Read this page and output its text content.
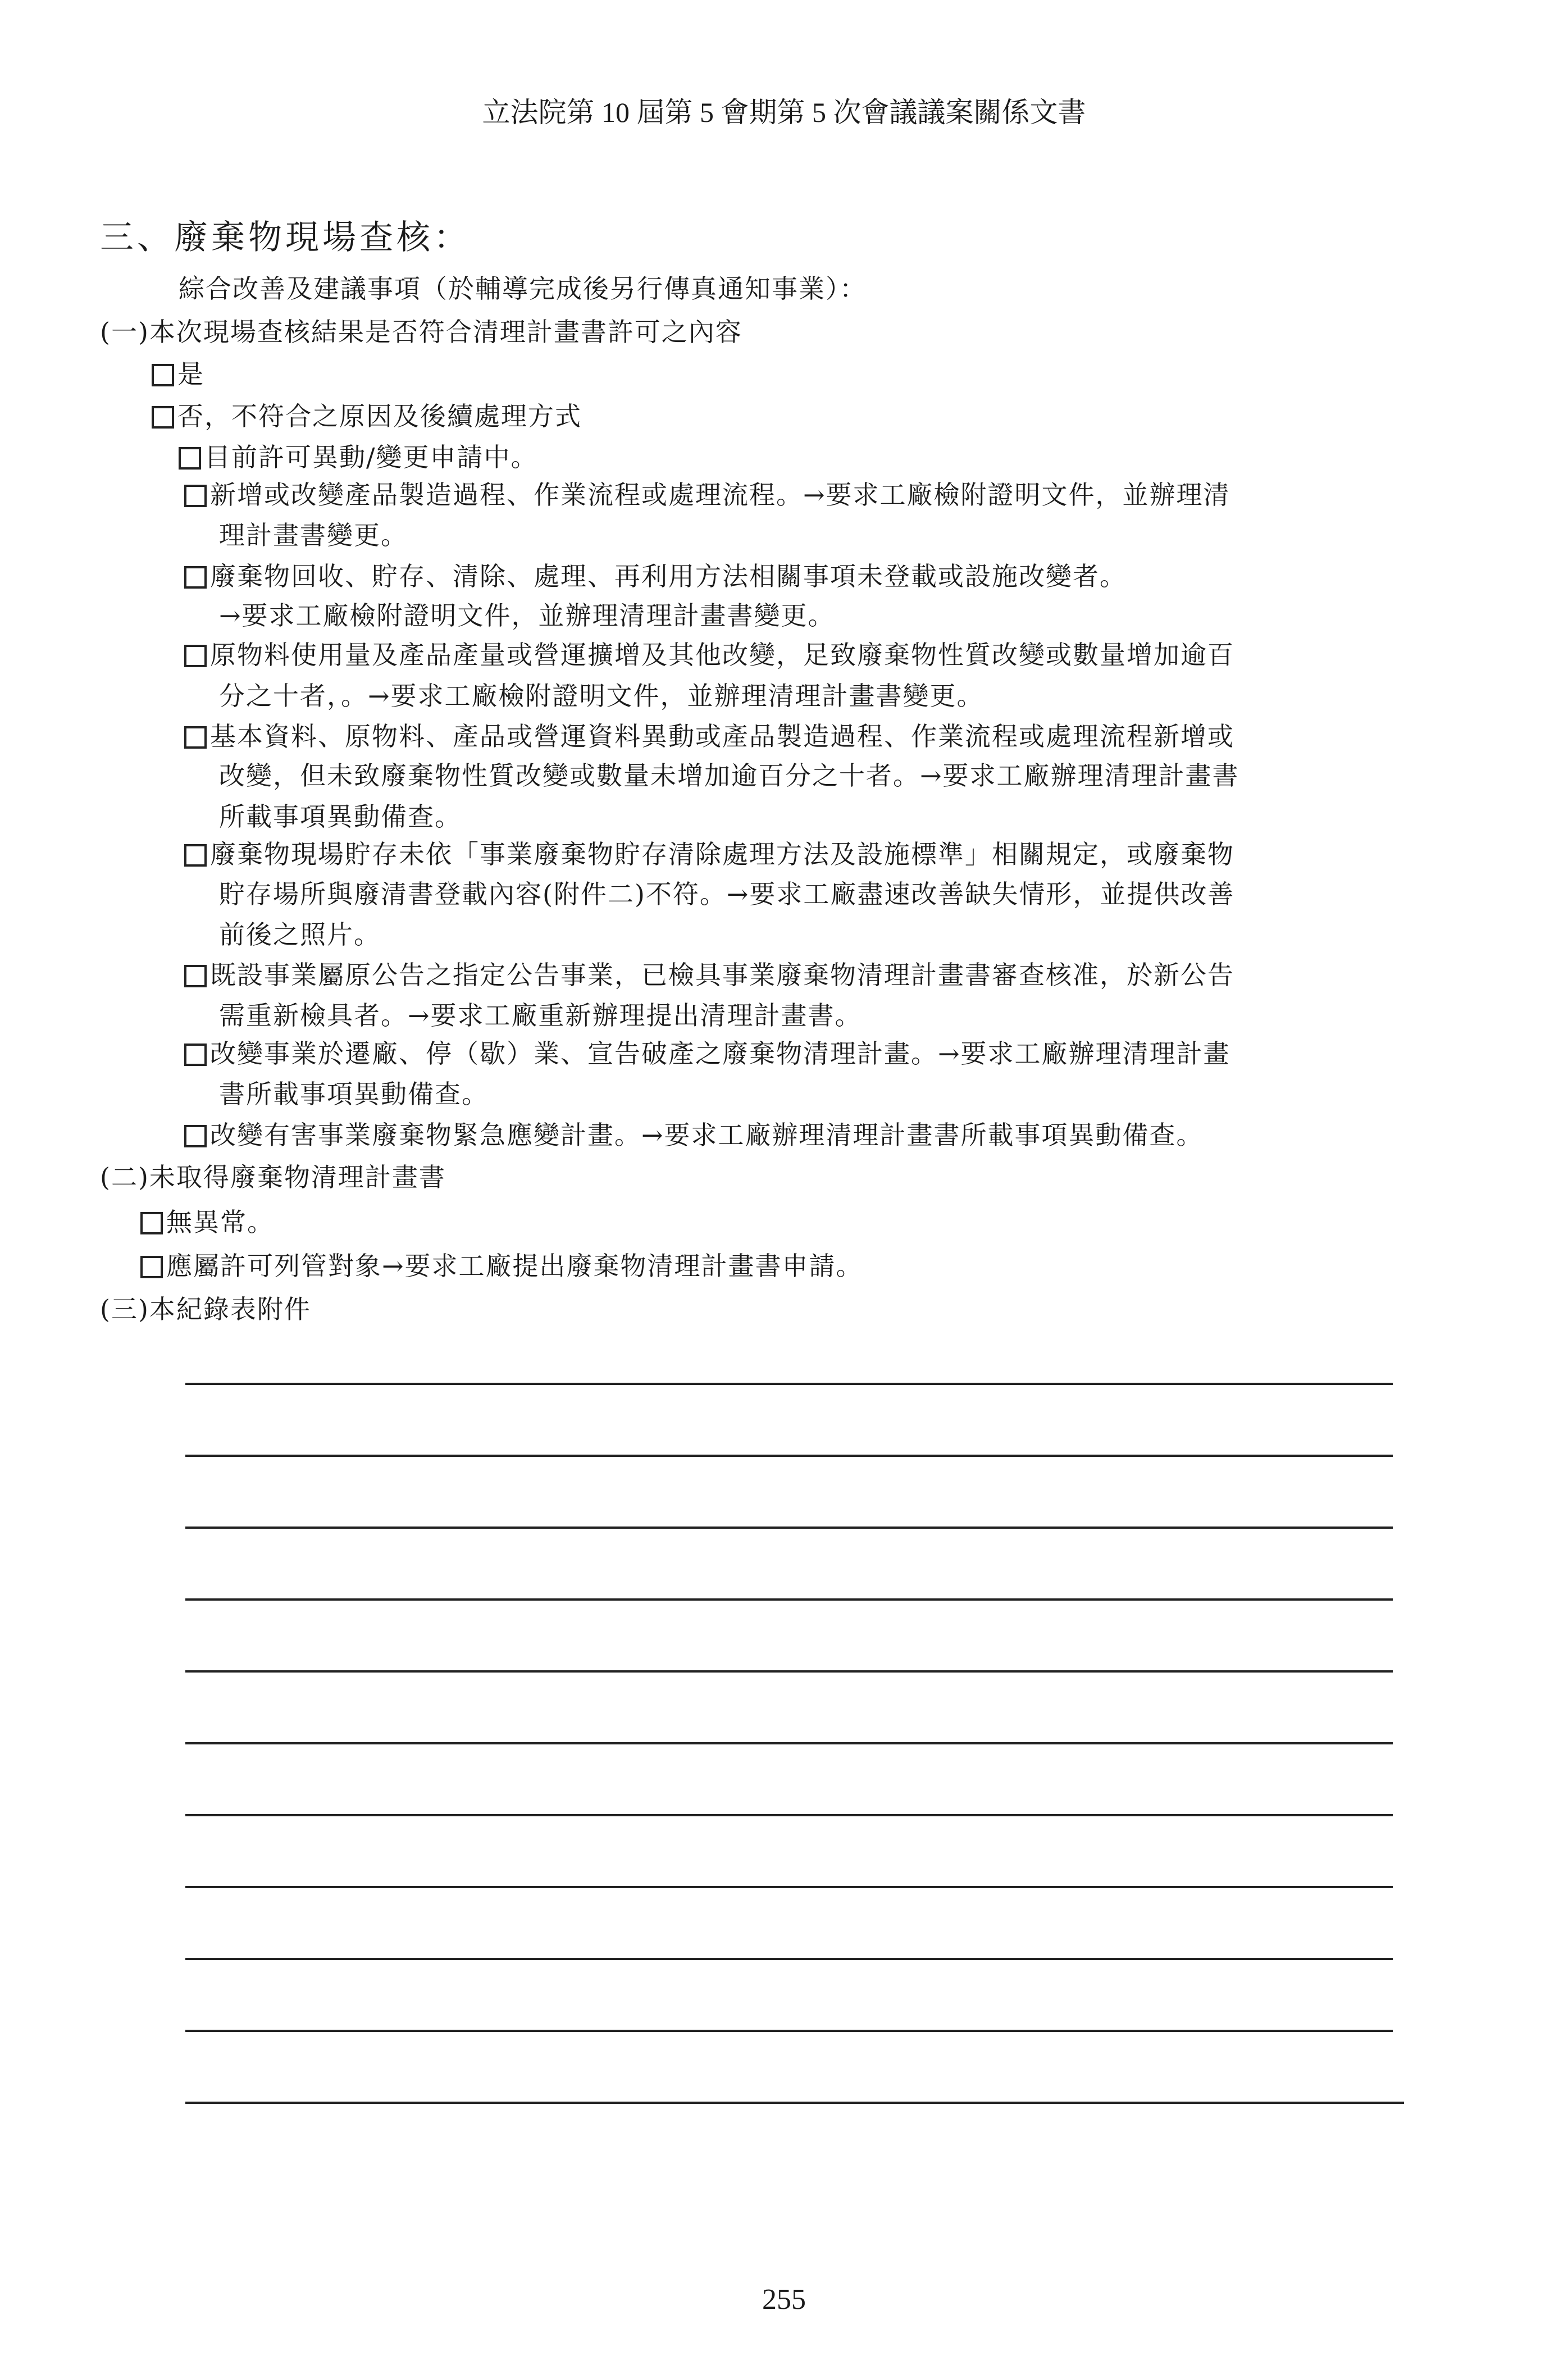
立法院第 10 屆第 5 會期第 5 次會議議案關係文書
三、廢棄物現場查核：
綜合改善及建議事項（於輔導完成後另行傳真通知事業）：
(一)本次現場查核結果是否符合清理計畫書許可之內容
是
否，不符合之原因及後續處理方式
目前許可異動/變更申請中。
新增或改變產品製造過程、作業流程或處理流程。→要求工廠檢附證明文件，並辦理清
理計畫書變更。
廢棄物回收、貯存、清除、處理、再利用方法相關事項未登載或設施改變者。
→要求工廠檢附證明文件，並辦理清理計畫書變更。
原物料使用量及產品產量或營運擴增及其他改變，足致廢棄物性質改變或數量增加逾百
分之十者，。→要求工廠檢附證明文件，並辦理清理計畫書變更。
基本資料、原物料、產品或營運資料異動或產品製造過程、作業流程或處理流程新增或
改變，但未致廢棄物性質改變或數量未增加逾百分之十者。→要求工廠辦理清理計畫書
所載事項異動備查。
廢棄物現場貯存未依「事業廢棄物貯存清除處理方法及設施標準」相關規定，或廢棄物
貯存場所與廢清書登載內容(附件二)不符。→要求工廠盡速改善缺失情形，並提供改善
前後之照片。
既設事業屬原公告之指定公告事業，已檢具事業廢棄物清理計畫書審查核准，於新公告
需重新檢具者。→要求工廠重新辦理提出清理計畫書。
改變事業於遷廠、停（歇）業、宣告破產之廢棄物清理計畫。→要求工廠辦理清理計畫
書所載事項異動備查。
改變有害事業廢棄物緊急應變計畫。→要求工廠辦理清理計畫書所載事項異動備查。
(二)未取得廢棄物清理計畫書
無異常。
應屬許可列管對象→要求工廠提出廢棄物清理計畫書申請。
(三)本紀錄表附件
255
